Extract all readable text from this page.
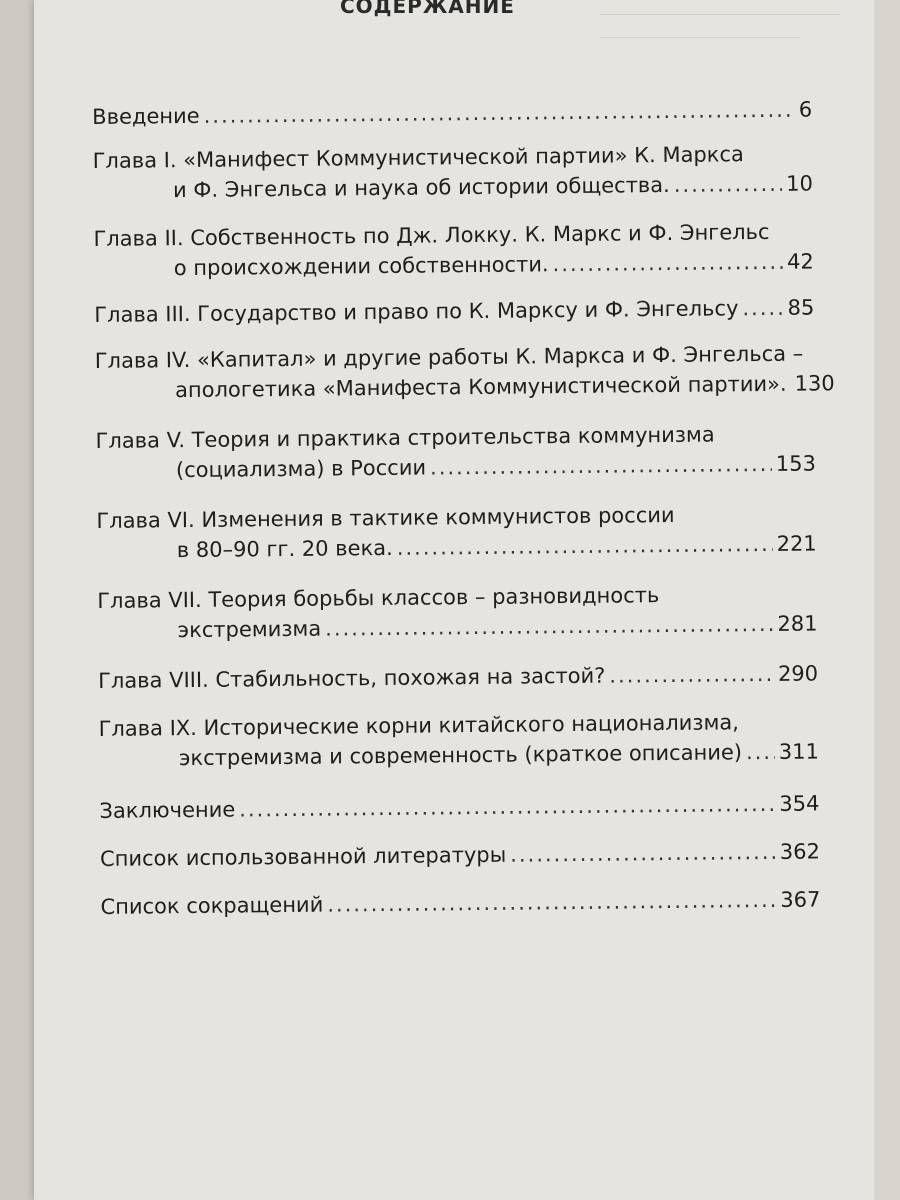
СОДЕРЖАНИЕ
Введение .....	6
Глава I. «Манифест Коммунистической партии» К. Маркса
и Ф. Энгельса и наука об истории общества. .....	10
Глава II. Собственность по Дж. Локку. К. Маркс и Ф. Энгельс
о происхождении собственности. .....	42
Глава III. Государство и право по К. Марксу и Ф. Энгельсу ..... 85
Глава IV. «Капитал» и другие работы К. Маркса и Ф. Энгельса –
апологетика «Манифеста Коммунистической партии». ..... 130
Глава V. Теория и практика строительства коммунизма
(социализма) в России .....	153
Глава VI. Изменения в тактике коммунистов россии
в 80–90 гг. 20 века. .....	221
Глава VII. Теория борьбы классов – разновидность
экстремизма .....	281
Глава VIII. Стабильность, похожая на застой? .....	290
Глава IX. Исторические корни китайского национализма,
экстремизма и современность (краткое описание) ..... 311
Заключение .....	354
Список использованной литературы .....	362
Список сокращений .....	367
